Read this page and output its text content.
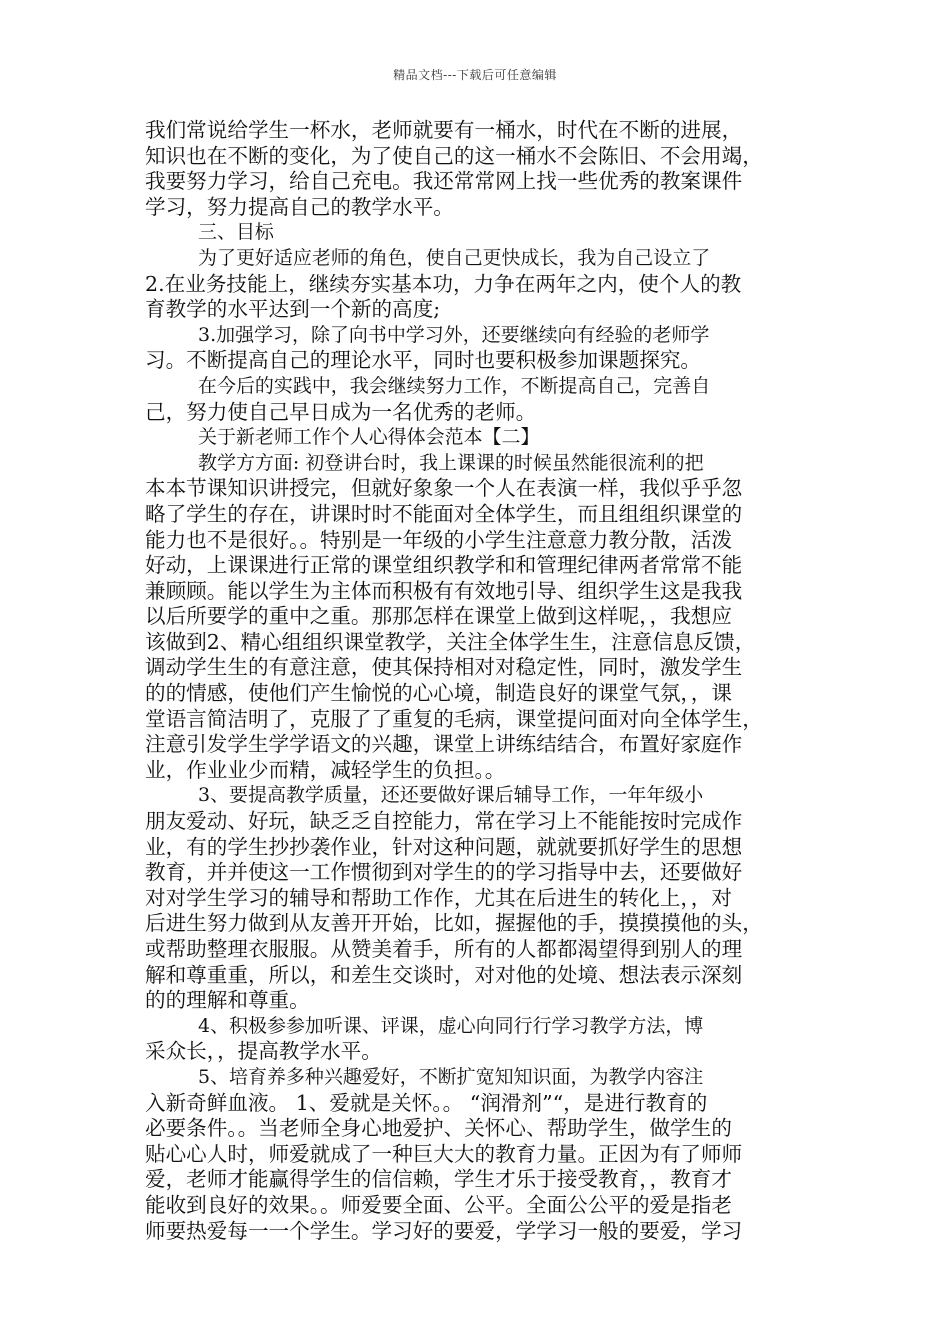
精品文档---下载后可任意编辑
我们常说给学生一杯水，老师就要有一桶水，时代在不断的进展，
知识也在不断的变化，为了使自己的这一桶水不会陈旧、不会用竭，
我要努力学习，给自己充电。我还常常网上找一些优秀的教案课件
学习，努力提高自己的教学水平。
三、目标
为了更好适应老师的角色，使自己更快成长，我为自己设立了
2.在业务技能上，继续夯实基本功，力争在两年之内，使个人的教
育教学的水平达到一个新的高度;
3.加强学习，除了向书中学习外，还要继续向有经验的老师学
习。不断提高自己的理论水平，同时也要积极参加课题探究。
在今后的实践中，我会继续努力工作，不断提高自己，完善自
己，努力使自己早日成为一名优秀的老师。
关于新老师工作个人心得体会范本【二】
教学方方面: 初登讲台时，我上课课的时候虽然能很流利的把
本本节课知识讲授完，但就好象象一个人在表演一样，我似乎乎忽
略了学生的存在，讲课时时不能面对全体学生，而且组组织课堂的
能力也不是很好。。特别是一年级的小学生注意意力教分散，活泼
好动，上课课进行正常的课堂组织教学和和管理纪律两者常常不能
兼顾顾。能以学生为主体而积极有有效地引导、组织学生这是我我
以后所要学的重中之重。那那怎样在课堂上做到这样呢，，我想应
该做到2、精心组组织课堂教学，关注全体学生生，注意信息反馈，
调动学生生的有意注意，使其保持相对对稳定性，同时，激发学生
的的情感，使他们产生愉悦的心心境，制造良好的课堂气氛，，课
堂语言简洁明了，克服了了重复的毛病，课堂提问面对向全体学生，
注意引发学生学学语文的兴趣，课堂上讲练结结合，布置好家庭作
业，作业业少而精，减轻学生的负担。。
3、要提高教学质量，还还要做好课后辅导工作，一年年级小
朋友爱动、好玩，缺乏乏自控能力，常在学习上不能能按时完成作
业，有的学生抄抄袭作业，针对这种问题，就就要抓好学生的思想
教育，并并使这一工作惯彻到对学生的的学习指导中去，还要做好
对对学生学习的辅导和帮助工作作，尤其在后进生的转化上，，对
后进生努力做到从友善开开始，比如，握握他的手，摸摸摸他的头，
或帮助整理衣服服。从赞美着手，所有的人都都渴望得到别人的理
解和尊重重，所以，和差生交谈时，对对他的处境、想法表示深刻
的的理解和尊重。
4、积极参参加听课、评课，虚心向同行行学习教学方法，博
采众长，，提高教学水平。
5、培育养多种兴趣爱好，不断扩宽知知识面，为教学内容注
入新奇鲜血液。 1、爱就是关怀。。 “润滑剂”“，是进行教育的
必要条件。。当老师全身心地爱护、关怀心、帮助学生，做学生的
贴心心人时，师爱就成了一种巨大大的教育力量。正因为有了师师
爱，老师才能赢得学生的信信赖，学生才乐于接受教育，，教育才
能收到良好的效果。。师爱要全面、公平。全面公公平的爱是指老
师要热爱每一一个学生。学习好的要爱，学学习一般的要爱，学习
